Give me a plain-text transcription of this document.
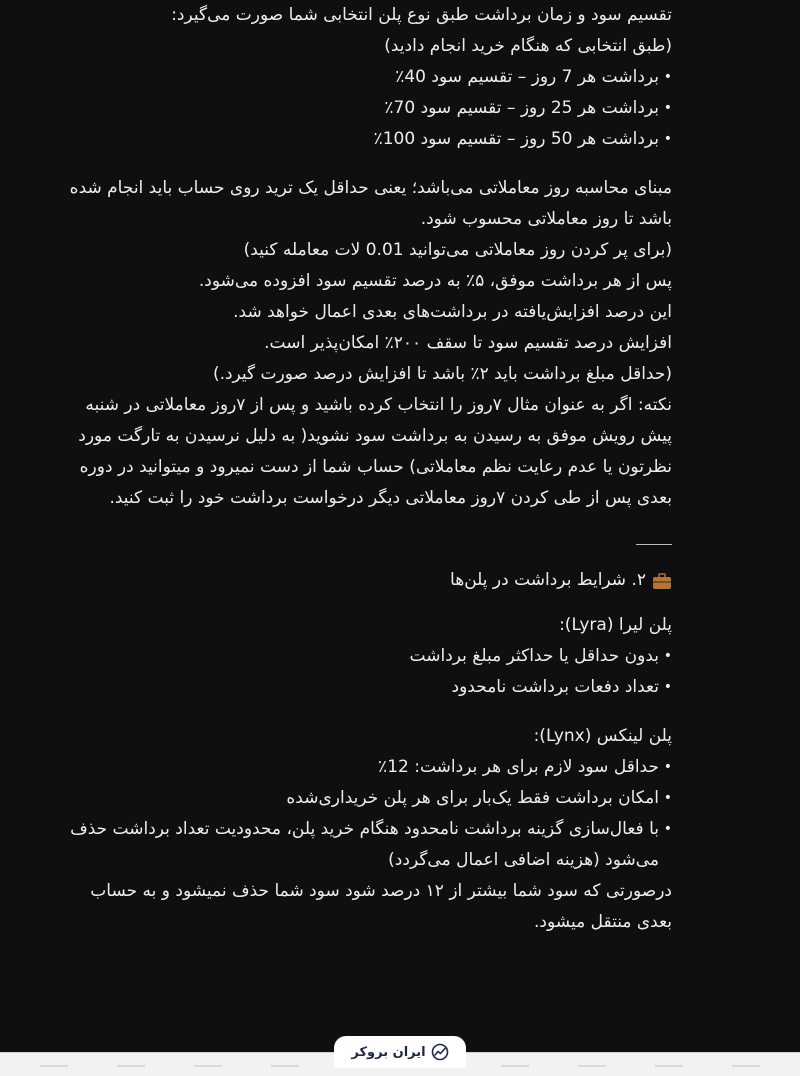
تقسیم سود و زمان برداشت طبق نوع پلن انتخابی شما صورت می‌گیرد:

(طبق انتخابی که هنگام خرید انجام دادید)

• برداشت هر 7 روز – تقسیم سود 40٪
• برداشت هر 25 روز – تقسیم سود 70٪
• برداشت هر 50 روز – تقسیم سود 100٪

مبنای محاسبه روز معاملاتی می‌باشد؛ یعنی حداقل یک ترید روی حساب باید انجام شده باشد تا روز معاملاتی محسوب شود.

(برای پر کردن روز معاملاتی می‌توانید 0.01 لات معامله کنید)

پس از هر برداشت موفق، ۵٪ به درصد تقسیم سود افزوده می‌شود.

این درصد افزایش‌یافته در برداشت‌های بعدی اعمال خواهد شد.

افزایش درصد تقسیم سود تا سقف ۲۰۰٪ امکان‌پذیر است.

(حداقل مبلغ برداشت باید ۲٪ باشد تا افزایش درصد صورت گیرد.)

نکته: اگر به عنوان مثال ۷روز را انتخاب کرده باشید و پس از ۷روز معاملاتی در شنبه پیش رویش موفق به رسیدن به برداشت سود نشوید( به دلیل نرسیدن به تارگت مورد نظرتون یا عدم رعایت نظم معاملاتی) حساب شما از دست نمیرود و میتوانید در دوره بعدی پس از طی کردن ۷روز معاملاتی دیگر درخواست برداشت خود را ثبت کنید.

۲. شرایط برداشت در پلن‌ها

پلن لیرا (Lyra):

• بدون حداقل یا حداکثر مبلغ برداشت
• تعداد دفعات برداشت نامحدود

پلن لینکس (Lynx):

• حداقل سود لازم برای هر برداشت: 12٪
• امکان برداشت فقط یک‌بار برای هر پلن خریداری‌شده
• با فعال‌سازی گزینه برداشت نامحدود هنگام خرید پلن، محدودیت تعداد برداشت حذف می‌شود (هزینه اضافی اعمال می‌گردد)

درصورتی که سود شما بیشتر از ۱۲ درصد شود سود شما حذف نمیشود و به حساب بعدی منتقل میشود.

ایران بروکر
